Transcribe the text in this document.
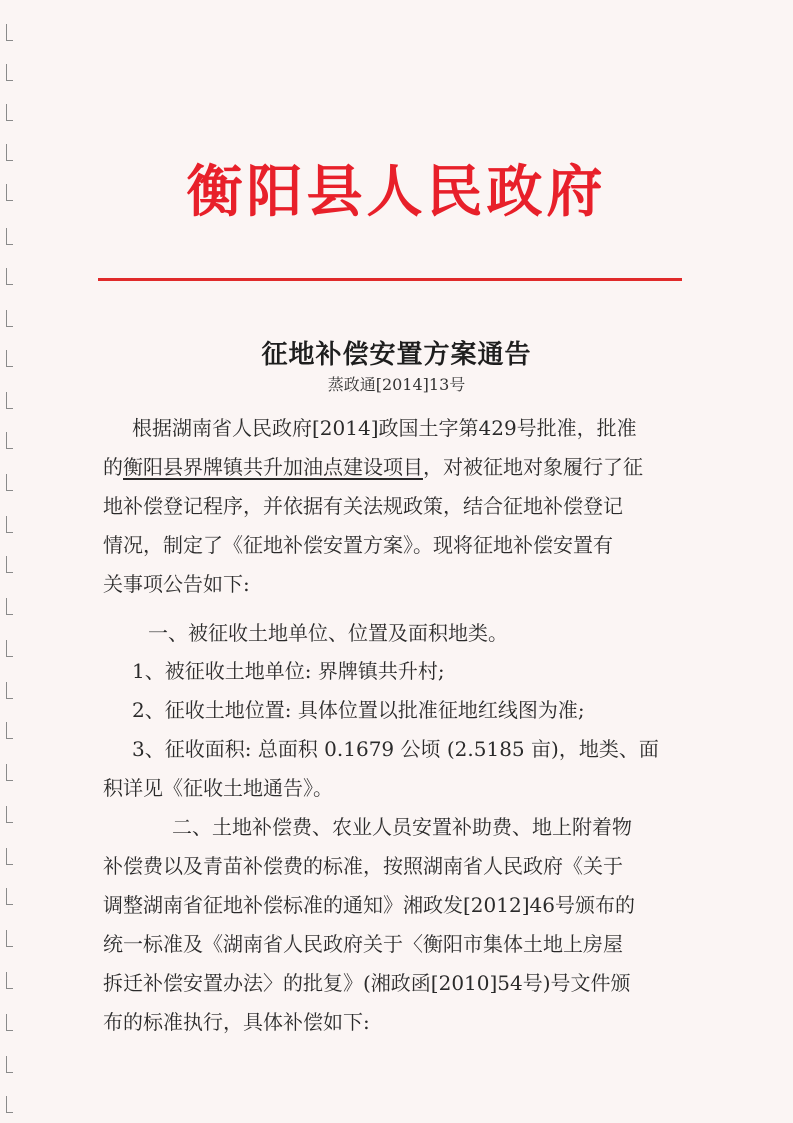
衡阳县人民政府
征地补偿安置方案通告
蒸政通[2014]13号
根据湖南省人民政府[2014]政国土字第429号批准，批准
的衡阳县界牌镇共升加油点建设项目，对被征地对象履行了征
地补偿登记程序，并依据有关法规政策，结合征地补偿登记
情况，制定了《征地补偿安置方案》。现将征地补偿安置有
关事项公告如下:
一、被征收土地单位、位置及面积地类。
1、被征收土地单位: 界牌镇共升村;
2、征收土地位置: 具体位置以批准征地红线图为准;
3、征收面积: 总面积 0.1679 公顷 (2.5185 亩)，地类、面
积详见《征收土地通告》。
二、土地补偿费、农业人员安置补助费、地上附着物
补偿费以及青苗补偿费的标准，按照湖南省人民政府《关于
调整湖南省征地补偿标准的通知》湘政发[2012]46号颁布的
统一标准及《湖南省人民政府关于〈衡阳市集体土地上房屋
拆迁补偿安置办法〉的批复》(湘政函[2010]54号)号文件颁
布的标准执行，具体补偿如下:
